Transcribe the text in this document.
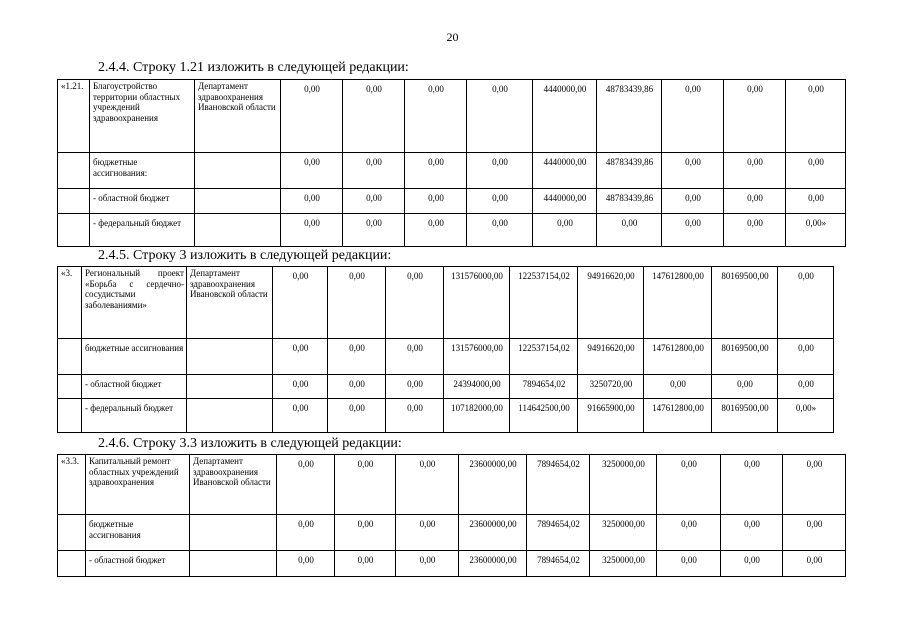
20
2.4.4. Строку 1.21 изложить в следующей редакции:
«1.21.	Благоустройство территории областных учреждений здравоохранения	Департамент здравоохранения Ивановской области	0,00	0,00	0,00	0,00	4440000,00	48783439,86	0,00	0,00	0,00
	бюджетные ассигнования:		0,00	0,00	0,00	0,00	4440000,00	48783439,86	0,00	0,00	0,00
	- областной бюджет		0,00	0,00	0,00	0,00	4440000,00	48783439,86	0,00	0,00	0,00
	- федеральный бюджет		0,00	0,00	0,00	0,00	0,00	0,00	0,00	0,00	0,00»
2.4.5. Строку 3 изложить в следующей редакции:
«3.	Региональный проект «Борьба с сердечно-сосудистыми заболеваниями»	Департамент здравоохранения Ивановской области	0,00	0,00	0,00	131576000,00	122537154,02	94916620,00	147612800,00	80169500,00	0,00
	бюджетные ассигнования		0,00	0,00	0,00	131576000,00	122537154,02	94916620,00	147612800,00	80169500,00	0,00
	- областной бюджет		0,00	0,00	0,00	24394000,00	7894654,02	3250720,00	0,00	0,00	0,00
	- федеральный бюджет		0,00	0,00	0,00	107182000,00	114642500,00	91665900,00	147612800,00	80169500,00	0,00»
2.4.6. Строку 3.3 изложить в следующей редакции:
«3.3.	Капитальный ремонт областных учреждений здравоохранения	Департамент здравоохранения Ивановской области	0,00	0,00	0,00	23600000,00	7894654,02	3250000,00	0,00	0,00	0,00
	бюджетные ассигнования		0,00	0,00	0,00	23600000,00	7894654,02	3250000,00	0,00	0,00	0,00
	- областной бюджет		0,00	0,00	0,00	23600000,00	7894654,02	3250000,00	0,00	0,00	0,00
